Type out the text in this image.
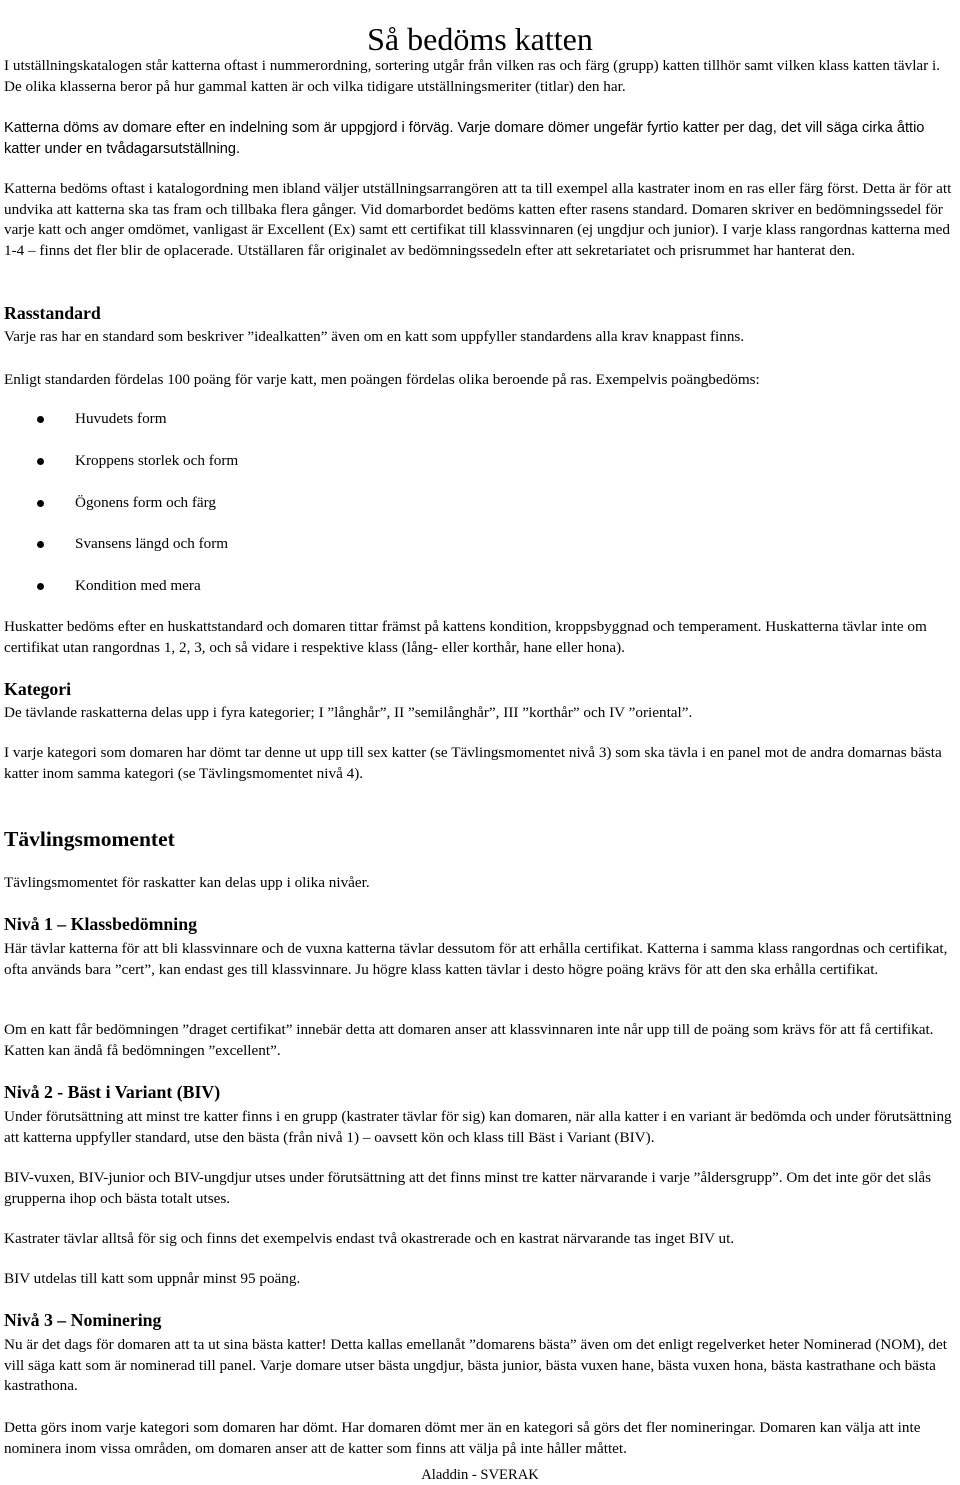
Så bedöms katten

I utställningskatalogen står katterna oftast i nummerordning, sortering utgår från vilken ras och färg (grupp) katten tillhör samt vilken klass katten tävlar i. De olika klasserna beror på hur gammal katten är och vilka tidigare utställningsmeriter (titlar) den har.

Katterna döms av domare efter en indelning som är uppgjord i förväg. Varje domare dömer ungefär fyrtio katter per dag, det vill säga cirka åttio katter under en tvådagarsutställning.

Katterna bedöms oftast i katalogordning men ibland väljer utställningsarrangören att ta till exempel alla kastrater inom en ras eller färg först. Detta är för att undvika att katterna ska tas fram och tillbaka flera gånger. Vid domarbordet bedöms katten efter rasens standard. Domaren skriver en bedömningssedel för varje katt och anger omdömet, vanligast är Excellent (Ex) samt ett certifikat till klassvinnaren (ej ungdjur och junior). I varje klass rangordnas katterna med 1-4 – finns det fler blir de oplacerade. Utställaren får originalet av bedömningssedeln efter att sekretariatet och prisrummet har hanterat den.

Rasstandard

Varje ras har en standard som beskriver ”idealkatten” även om en katt som uppfyller standardens alla krav knappast finns.

Enligt standarden fördelas 100 poäng för varje katt, men poängen fördelas olika beroende på ras. Exempelvis poängbedöms:

Huvudets form
Kroppens storlek och form
Ögonens form och färg
Svansens längd och form
Kondition med mera

Huskatter bedöms efter en huskattstandard och domaren tittar främst på kattens kondition, kroppsbyggnad och temperament. Huskatterna tävlar inte om certifikat utan rangordnas 1, 2, 3, och så vidare i respektive klass (lång- eller korthår, hane eller hona).

Kategori

De tävlande raskatterna delas upp i fyra kategorier; I ”långhår”, II ”semilånghår”, III ”korthår” och IV ”oriental”.

I varje kategori som domaren har dömt tar denne ut upp till sex katter (se Tävlingsmomentet nivå 3) som ska tävla i en panel mot de andra domarnas bästa katter inom samma kategori (se Tävlingsmomentet nivå 4).

Tävlingsmomentet

Tävlingsmomentet för raskatter kan delas upp i olika nivåer.

Nivå 1 – Klassbedömning

Här tävlar katterna för att bli klassvinnare och de vuxna katterna tävlar dessutom för att erhålla certifikat. Katterna i samma klass rangordnas och certifikat, ofta används bara ”cert”, kan endast ges till klassvinnare. Ju högre klass katten tävlar i desto högre poäng krävs för att den ska erhålla certifikat.

Om en katt får bedömningen ”draget certifikat” innebär detta att domaren anser att klassvinnaren inte når upp till de poäng som krävs för att få certifikat. Katten kan ändå få bedömningen ”excellent”.

Nivå 2 - Bäst i Variant (BIV)

Under förutsättning att minst tre katter finns i en grupp (kastrater tävlar för sig) kan domaren, när alla katter i en variant är bedömda och under förutsättning att katterna uppfyller standard, utse den bästa (från nivå 1) – oavsett kön och klass till Bäst i Variant (BIV).

BIV-vuxen, BIV-junior och BIV-ungdjur utses under förutsättning att det finns minst tre katter närvarande i varje ”åldersgrupp”. Om det inte gör det slås grupperna ihop och bästa totalt utses.

Kastrater tävlar alltså för sig och finns det exempelvis endast två okastrerade och en kastrat närvarande tas inget BIV ut.

BIV utdelas till katt som uppnår minst 95 poäng.

Nivå 3 – Nominering

Nu är det dags för domaren att ta ut sina bästa katter! Detta kallas emellanåt ”domarens bästa” även om det enligt regelverket heter Nominerad (NOM), det vill säga katt som är nominerad till panel. Varje domare utser bästa ungdjur, bästa junior, bästa vuxen hane, bästa vuxen hona, bästa kastrathane och bästa kastrathona.

Detta görs inom varje kategori som domaren har dömt. Har domaren dömt mer än en kategori så görs det fler nomineringar. Domaren kan välja att inte nominera inom vissa områden, om domaren anser att de katter som finns att välja på inte håller måttet.

Aladdin - SVERAK
